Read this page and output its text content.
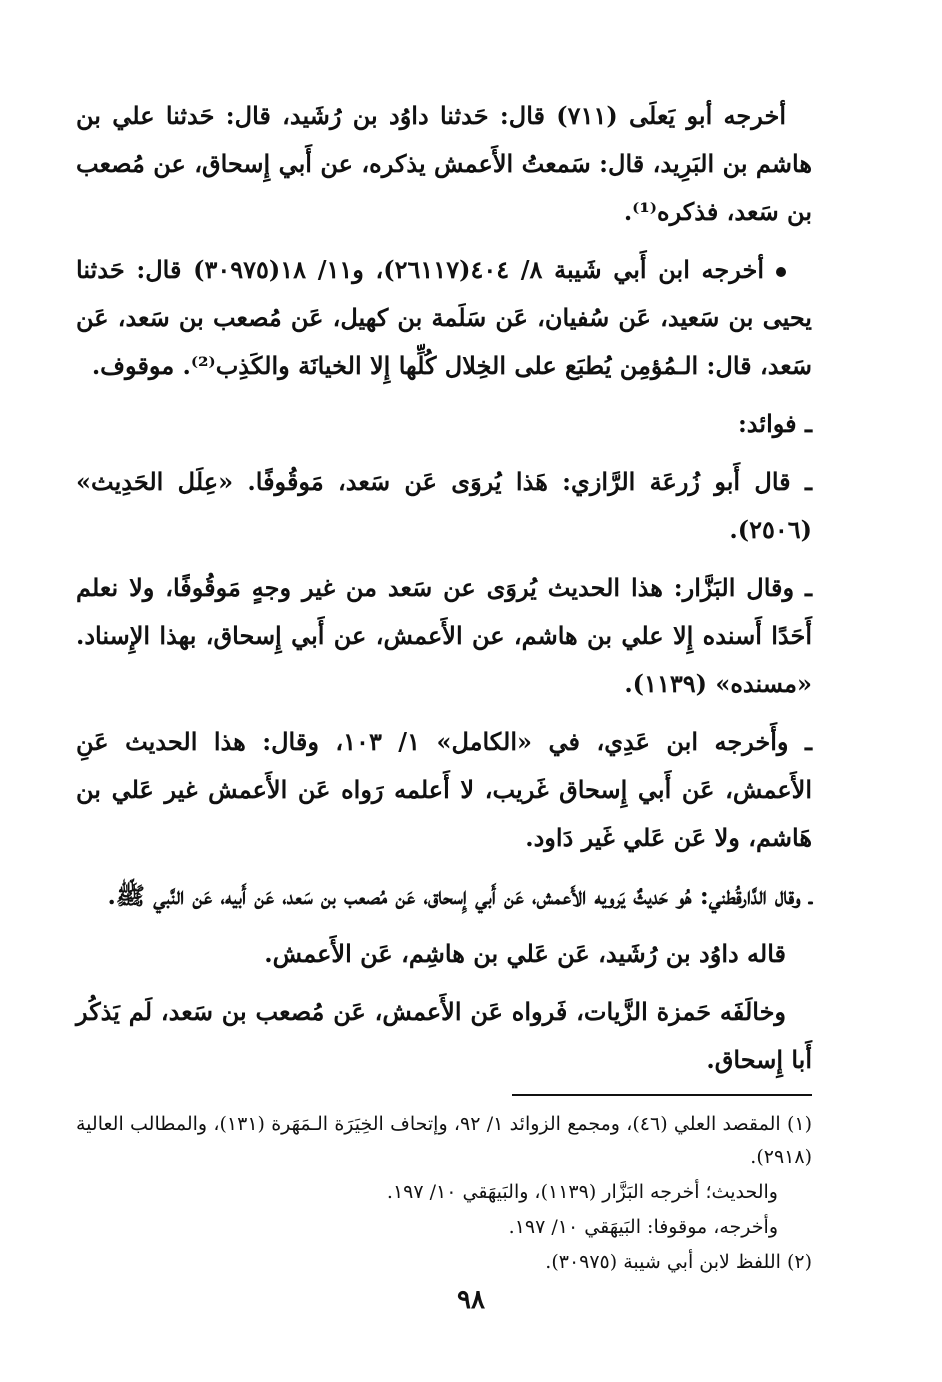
أخرجه أبو يَعلَى (٧١١) قال: حَدثنا داوُد بن رُشَيد، قال: حَدثنا علي بن هاشم بن البَرِيد، قال: سَمعتُ الأَعمش يذكره، عن أَبي إِسحاق، عن مُصعب بن سَعد، فذكره⁽¹⁾.

أخرجه ابن أَبي شَيبة ٨/ ٤٠٤(٢٦١١٧)، و١١/ ١٨(٣٠٩٧٥) قال: حَدثنا يحيى بن سَعيد، عَن سُفيان، عَن سَلَمة بن كهيل، عَن مُصعب بن سَعد، عَن سَعد، قال: الـمُؤمِن يُطبَع على الخِلال كُلِّها إِلا الخيانَة والكَذِب⁽²⁾. موقوف.

ـ فوائد:

ـ قال أَبو زُرعَة الرَّازي: هَذا يُروَى عَن سَعد، مَوقُوفًا. «عِلَل الحَدِيث» (٢٥٠٦).

ـ وقال البَزَّار: هذا الحديث يُروَى عن سَعد من غير وجهٍ مَوقُوفًا، ولا نعلم أَحَدًا أَسنده إِلا علي بن هاشم، عن الأَعمش، عن أَبي إِسحاق، بهذا الإِسناد. «مسنده» (١١٣٩).

ـ وأَخرجه ابن عَدِي، في «الكامل» ١/ ١٠٣، وقال: هذا الحديث عَنِ الأَعمش، عَن أَبي إِسحاق غَريب، لا أَعلمه رَواه عَن الأَعمش غير عَلي بن هَاشم، ولا عَن عَلي غَير دَاود.

ـ وقال الدَّارقُطني: هُو حَديثٌ يَرويه الأَعمش، عَن أَبي إِسحاق، عَن مُصعب بن سَعد، عَن أَبيه، عَن النَّبي ﷺ.

قاله داوُد بن رُشَيد، عَن عَلي بن هاشِم، عَن الأَعمش.

وخالَفَه حَمزة الزَّيات، فَرواه عَن الأَعمش، عَن مُصعب بن سَعد، لَم يَذكُر أَبا إِسحاق.

(١) المقصد العلي (٤٦)، ومجمع الزوائد ١/ ٩٢، وإتحاف الخِيَرَة الـمَهَرة (١٣١)، والمطالب العالية (٢٩١٨).

والحديث؛ أخرجه البَزَّار (١١٣٩)، والبَيهَقي ١٠/ ١٩٧.

وأخرجه، موقوفا: البَيهَقي ١٠/ ١٩٧.

(٢) اللفظ لابن أبي شيبة (٣٠٩٧٥).

٩٨
